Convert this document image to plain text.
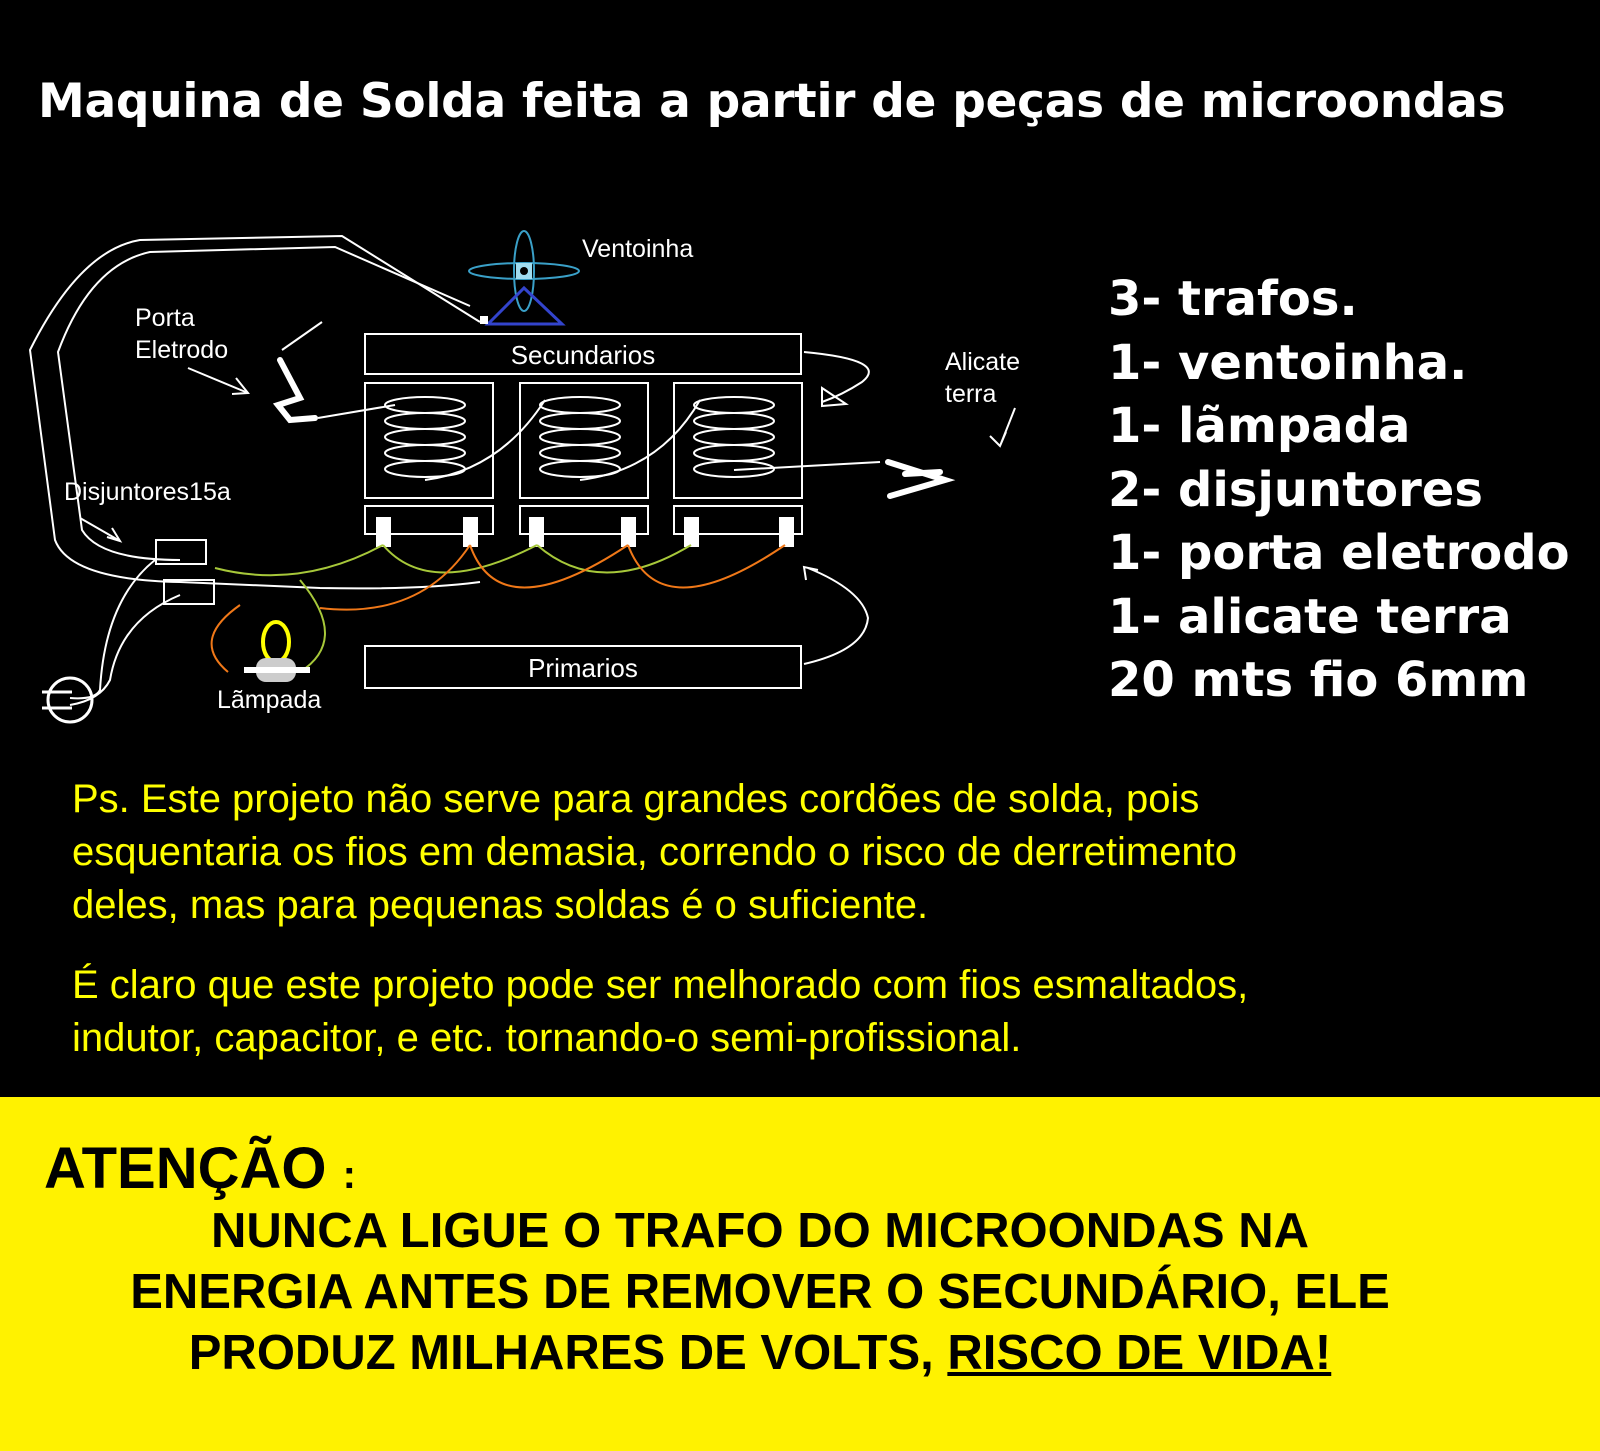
Maquina de Solda feita a partir de peças de microondas
Ventoinha
Porta
Eletrodo	Secundarios
Primarios
Alicate
terra
Disjuntores15a
Lãmpada
3- trafos.
1- ventoinha.
1- lãmpada
2- disjuntores
1- porta eletrodo
1- alicate terra
20 mts fio 6mm
Ps. Este projeto não serve para grandes cordões de solda, pois
esquentaria os fios em demasia, correndo o risco de derretimento
deles, mas para pequenas soldas é o suficiente.
É claro que este projeto pode ser melhorado com fios esmaltados,
indutor, capacitor, e etc. tornando-o semi-profissional.
ATENÇÃO :
NUNCA LIGUE O TRAFO DO MICROONDAS NA
ENERGIA ANTES DE REMOVER O SECUNDÁRIO, ELE
PRODUZ MILHARES DE VOLTS, RISCO DE VIDA!
